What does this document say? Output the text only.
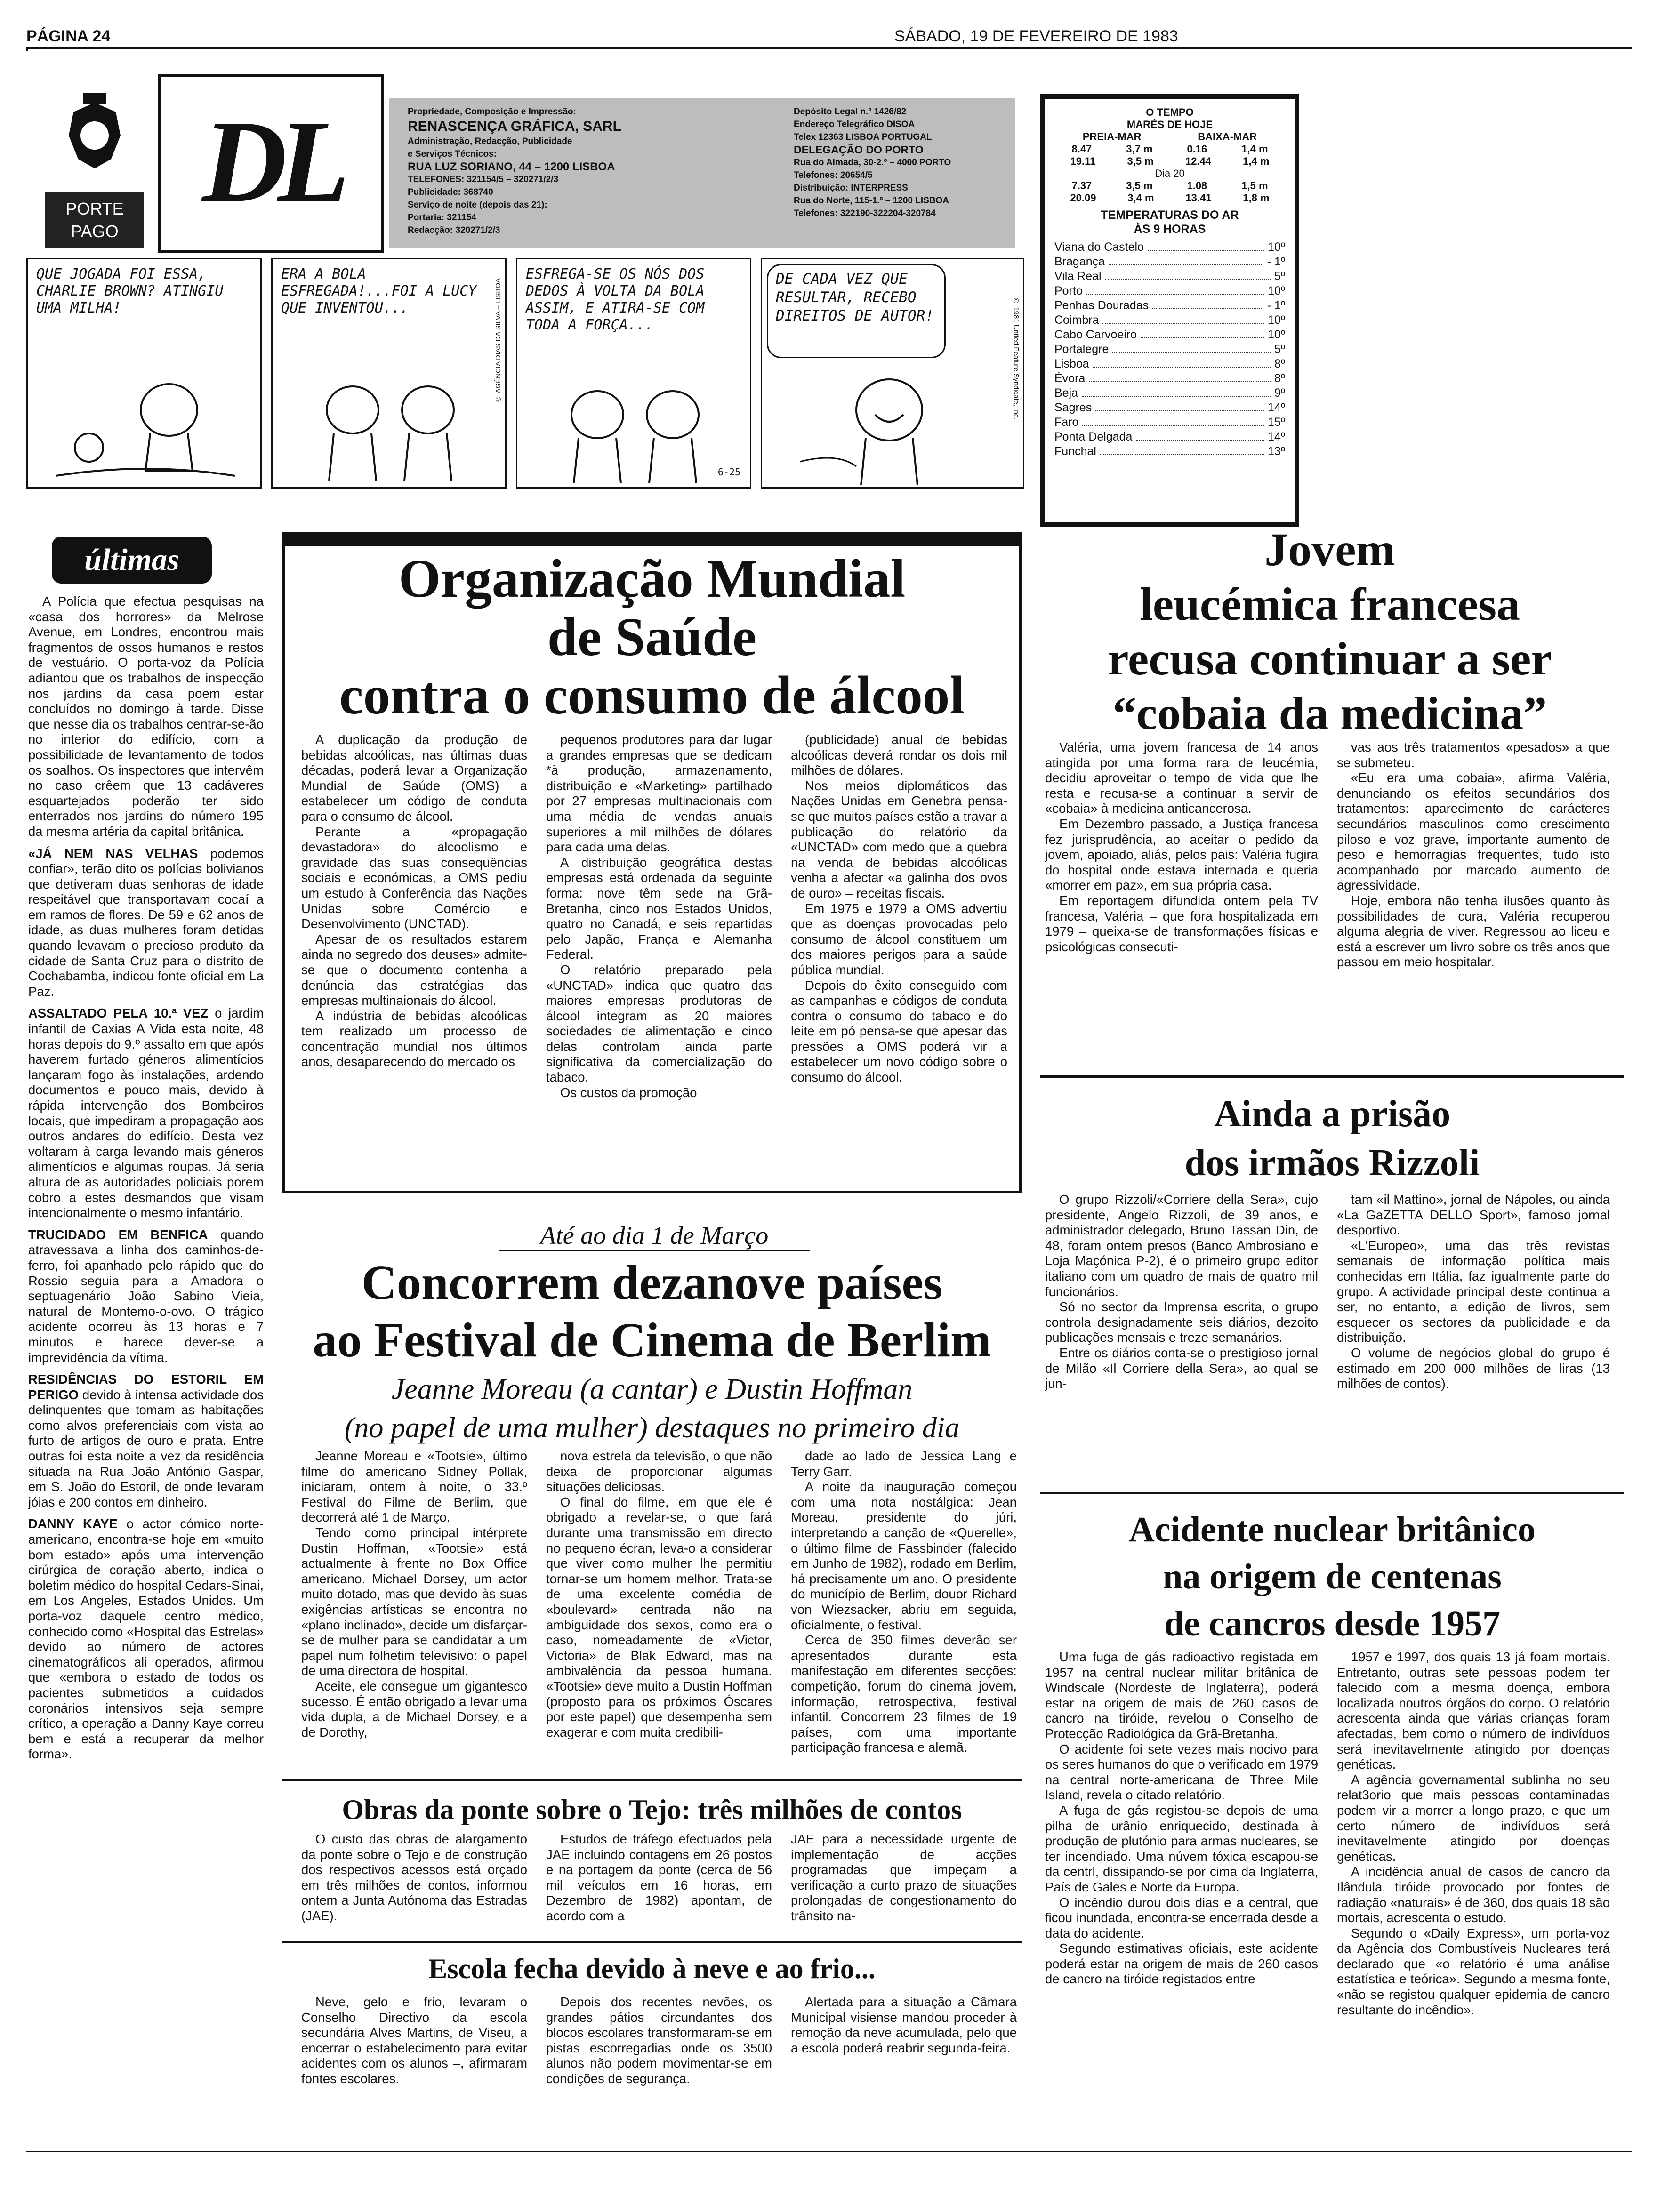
PÁGINA 24	SÁBADO, 19 DE FEVEREIRO DE 1983
PORTE
PAGO
DL	Propriedade, Composição e Impressão:
RENASCENÇA GRÁFICA, SARL
Administração, Redacção, Publicidade
e Serviços Técnicos:
RUA LUZ SORIANO, 44 – 1200 LISBOA
TELEFONES: 321154/5 – 320271/2/3
Publicidade: 368740
Serviço de noite (depois das 21):
Portaria: 321154
Redacção: 320271/2/3
Depósito Legal n.º 1426/82
Endereço Telegráfico DISOA
Telex 12363 LISBOA PORTUGAL
DELEGAÇÃO DO PORTO
Rua do Almada, 30-2.º – 4000 PORTO
Telefones: 20654/5
Distribuição: INTERPRESS
Rua do Norte, 115-1.º – 1200 LISBOA
Telefones: 322190-322204-320784
O TEMPO
MARÉS DE HOJE
PREIA-MAR	BAIXA-MAR
8.47	3,7 m	0.16	1,4 m
19.11	3,5 m	12.44	1,4 m
Dia 20
7.37	3,5 m	1.08	1,5 m
20.09	3,4 m	13.41	1,8 m
TEMPERATURAS DO AR
ÀS 9 HORAS
Viana do Castelo	10º
Bragança	- 1º
Vila Real	5º
Porto	10º
Penhas Douradas	- 1º
Coimbra	10º
Cabo Carvoeiro	10º
Portalegre	5º
Lisboa	8º
Évora	8º
Beja	9º
Sagres	14º
Faro	15º
Ponta Delgada	14º
Funchal	13º
QUE JOGADA FOI ESSA, CHARLIE BROWN? ATINGIU UMA MILHA!
ERA A BOLA ESFREGADA!...FOI A LUCY QUE INVENTOU...	© AGÊNCIA DIAS DA SILVA – LISBOA
ESFREGA-SE OS NÓS DOS DEDOS À VOLTA DA BOLA ASSIM, E ATIRA-SE COM TODA A FORÇA...
6-25
DE CADA VEZ QUE RESULTAR, RECEBO DIREITOS DE AUTOR!	© 1981 United Feature Syndicate, Inc.
últimas

A Polícia que efectua pesquisas na «casa dos horrores» da Melrose Avenue, em Londres, encontrou mais fragmentos de ossos humanos e restos de vestuário. O porta-voz da Polícia adiantou que os trabalhos de inspecção nos jardins da casa poem estar concluídos no domingo à tarde. Disse que nesse dia os trabalhos centrar-se-ão no interior do edifício, com a possibilidade de levantamento de todos os soalhos. Os inspectores que intervêm no caso crêem que 13 cadáveres esquartejados poderão ter sido enterrados nos jardins do número 195 da mesma artéria da capital britânica.

«JÁ NEM NAS VELHAS podemos confiar», terão dito os polícias bolivianos que detiveram duas senhoras de idade respeitável que transportavam cocaí a em ramos de flores. De 59 e 62 anos de idade, as duas mulheres foram detidas quando levavam o precioso produto da cidade de Santa Cruz para o distrito de Cochabamba, indicou fonte oficial em La Paz.

ASSALTADO PELA 10.ª VEZ o jardim infantil de Caxias A Vida esta noite, 48 horas depois do 9.º assalto em que após haverem furtado géneros alimentícios lançaram fogo às instalações, ardendo documentos e pouco mais, devido à rápida intervenção dos Bombeiros locais, que impediram a propagação aos outros andares do edifício. Desta vez voltaram à carga levando mais géneros alimentícios e algumas roupas. Já seria altura de as autoridades policiais porem cobro a estes desmandos que visam intencionalmente o mesmo infantário.

TRUCIDADO EM BENFICA quando atravessava a linha dos caminhos-de-ferro, foi apanhado pelo rápido que do Rossio seguia para a Amadora o septuagenário João Sabino Vieia, natural de Montemo-o-ovo. O trágico acidente ocorreu às 13 horas e 7 minutos e harece dever-se a imprevidência da vítima.

RESIDÊNCIAS DO ESTORIL EM PERIGO devido à intensa actividade dos delinquentes que tomam as habitações como alvos preferenciais com vista ao furto de artigos de ouro e prata. Entre outras foi esta noite a vez da residência situada na Rua João António Gaspar, em S. João do Estoril, de onde levaram jóias e 200 contos em dinheiro.

DANNY KAYE o actor cómico norte-americano, encontra-se hoje em «muito bom estado» após uma intervenção cirúrgica de coração aberto, indica o boletim médico do hospital Cedars-Sinai, em Los Angeles, Estados Unidos. Um porta-voz daquele centro médico, conhecido como «Hospital das Estrelas» devido ao número de actores cinematográficos ali operados, afirmou que «embora o estado de todos os pacientes submetidos a cuidados coronários intensivos seja sempre crítico, a operação a Danny Kaye correu bem e está a recuperar da melhor forma».

Organização Mundial
de Saúde
contra o consumo de álcool

A duplicação da produção de bebidas alcoólicas, nas últimas duas décadas, poderá levar a Organização Mundial de Saúde (OMS) a estabelecer um código de conduta para o consumo de álcool.

Perante a «propagação devastadora» do alcoolismo e gravidade das suas consequências sociais e económicas, a OMS pediu um estudo à Conferência das Nações Unidas sobre Comércio e Desenvolvimento (UNCTAD).

Apesar de os resultados estarem ainda no segredo dos deuses» admite-se que o documento contenha a denúncia das estratégias das empresas multinaionais do álcool.

A indústria de bebidas alcoólicas tem realizado um processo de concentração mundial nos últimos anos, desaparecendo do mercado os

pequenos produtores para dar lugar a grandes empresas que se dedicam *à produção, armazenamento, distribuição e «Marketing» partilhado por 27 empresas multinacionais com uma média de vendas anuais superiores a mil milhões de dólares para cada uma delas.

A distribuição geográfica destas empresas está ordenada da seguinte forma: nove têm sede na Grã-Bretanha, cinco nos Estados Unidos, quatro no Canadá, e seis repartidas pelo Japão, França e Alemanha Federal.

O relatório preparado pela «UNCTAD» indica que quatro das maiores empresas produtoras de álcool integram as 20 maiores sociedades de alimentação e cinco delas controlam ainda parte significativa da comercialização do tabaco.

Os custos da promoção

(publicidade) anual de bebidas alcoólicas deverá rondar os dois mil milhões de dólares.

Nos meios diplomáticos das Nações Unidas em Genebra pensa-se que muitos países estão a travar a publicação do relatório da «UNCTAD» com medo que a quebra na venda de bebidas alcoólicas venha a afectar «a galinha dos ovos de ouro» – receitas fiscais.

Em 1975 e 1979 a OMS advertiu que as doenças provocadas pelo consumo de álcool constituem um dos maiores perigos para a saúde pública mundial.

Depois do êxito conseguido com as campanhas e códigos de conduta contra o consumo do tabaco e do leite em pó pensa-se que apesar das pressões a OMS poderá vir a estabelecer um novo código sobre o consumo do álcool.

Jovem
leucémica francesa
recusa continuar a ser
“cobaia da medicina”

Valéria, uma jovem francesa de 14 anos atingida por uma forma rara de leucémia, decidiu aproveitar o tempo de vida que lhe resta e recusa-se a continuar a servir de «cobaia» à medicina anticancerosa.

Em Dezembro passado, a Justiça francesa fez jurisprudência, ao aceitar o pedido da jovem, apoiado, aliás, pelos pais: Valéria fugira do hospital onde estava internada e queria «morrer em paz», em sua própria casa.

Em reportagem difundida ontem pela TV francesa, Valéria – que fora hospitalizada em 1979 – queixa-se de transformações físicas e psicológicas consecuti-

vas aos três tratamentos «pesados» a que se submeteu.

«Eu era uma cobaia», afirma Valéria, denunciando os efeitos secundários dos tratamentos: aparecimento de carácteres secundários masculinos como crescimento piloso e voz grave, importante aumento de peso e hemorragias frequentes, tudo isto acompanhado por marcado aumento de agressividade.

Hoje, embora não tenha ilusões quanto às possibilidades de cura, Valéria recuperou alguma alegria de viver. Regressou ao liceu e está a escrever um livro sobre os três anos que passou em meio hospitalar.

Ainda a prisão
dos irmãos Rizzoli

O grupo Rizzoli/«Corriere della Sera», cujo presidente, Angelo Rizzoli, de 39 anos, e administrador delegado, Bruno Tassan Din, de 48, foram ontem presos (Banco Ambrosiano e Loja Maçónica P-2), é o primeiro grupo editor italiano com um quadro de mais de quatro mil funcionários.

Só no sector da Imprensa escrita, o grupo controla designadamente seis diários, dezoito publicações mensais e treze semanários.

Entre os diários conta-se o prestigioso jornal de Milão «Il Corriere della Sera», ao qual se jun-

tam «il Mattino», jornal de Nápoles, ou ainda «La GaZETTA DELLO Sport», famoso jornal desportivo.

«L'Europeo», uma das três revistas semanais de informação política mais conhecidas em Itália, faz igualmente parte do grupo. A actividade principal deste continua a ser, no entanto, a edição de livros, sem esquecer os sectores da publicidade e da distribuição.

O volume de negócios global do grupo é estimado em 200 000 milhões de liras (13 milhões de contos).

Até ao dia 1 de Março
Concorrem dezanove países
ao Festival de Cinema de Berlim
Jeanne Moreau (a cantar) e Dustin Hoffman
(no papel de uma mulher) destaques no primeiro dia

Jeanne Moreau e «Tootsie», último filme do americano Sidney Pollak, iniciaram, ontem à noite, o 33.º Festival do Filme de Berlim, que decorrerá até 1 de Março.

Tendo como principal intérprete Dustin Hoffman, «Tootsie» está actualmente à frente no Box Office americano. Michael Dorsey, um actor muito dotado, mas que devido às suas exigências artísticas se encontra no «plano inclinado», decide um disfarçar-se de mulher para se candidatar a um papel num folhetim televisivo: o papel de uma directora de hospital.

Aceite, ele consegue um gigantesco sucesso. É então obrigado a levar uma vida dupla, a de Michael Dorsey, e a de Dorothy,

nova estrela da televisão, o que não deixa de proporcionar algumas situações deliciosas.

O final do filme, em que ele é obrigado a revelar-se, o que fará durante uma transmissão em directo no pequeno écran, leva-o a considerar que viver como mulher lhe permitiu tornar-se um homem melhor. Trata-se de uma excelente comédia de «boulevard» centrada não na ambiguidade dos sexos, como era o caso, nomeadamente de «Victor, Victoria» de Blak Edward, mas na ambivalência da pessoa humana. «Tootsie» deve muito a Dustin Hoffman (proposto para os próximos Óscares por este papel) que desempenha sem exagerar e com muita credibili-

dade ao lado de Jessica Lang e Terry Garr.

A noite da inauguração começou com uma nota nostálgica: Jean Moreau, presidente do júri, interpretando a canção de «Querelle», o último filme de Fassbinder (falecido em Junho de 1982), rodado em Berlim, há precisamente um ano. O presidente do município de Berlim, douor Richard von Wiezsacker, abriu em seguida, oficialmente, o festival.

Cerca de 350 filmes deverão ser apresentados durante esta manifestação em diferentes secções: competição, forum do cinema jovem, informação, retrospectiva, festival infantil. Concorrem 23 filmes de 19 países, com uma importante participação francesa e alemã.

Acidente nuclear britânico
na origem de centenas
de cancros desde 1957

Uma fuga de gás radioactivo registada em 1957 na central nuclear militar britânica de Windscale (Nordeste de Inglaterra), poderá estar na origem de mais de 260 casos de cancro na tiróide, revelou o Conselho de Protecção Radiológica da Grã-Bretanha.

O acidente foi sete vezes mais nocivo para os seres humanos do que o verificado em 1979 na central norte-americana de Three Mile Island, revela o citado relatório.

A fuga de gás registou-se depois de uma pilha de urânio enriquecido, destinada à produção de plutónio para armas nucleares, se ter incendiado. Uma núvem tóxica escapou-se da centrl, dissipando-se por cima da Inglaterra, País de Gales e Norte da Europa.

O incêndio durou dois dias e a central, que ficou inundada, encontra-se encerrada desde a data do acidente.

Segundo estimativas oficiais, este acidente poderá estar na origem de mais de 260 casos de cancro na tiróide registados entre

1957 e 1997, dos quais 13 já foam mortais. Entretanto, outras sete pessoas podem ter falecido com a mesma doença, embora localizada noutros órgãos do corpo. O relatório acrescenta ainda que várias crianças foram afectadas, bem como o número de indivíduos será inevitavelmente atingido por doenças genéticas.

A agência governamental sublinha no seu relat3orio que mais pessoas contaminadas podem vir a morrer a longo prazo, e que um certo número de indivíduos será inevitavelmente atingido por doenças genéticas.

A incidência anual de casos de cancro da Ilândula tiróide provocado por fontes de radiação «naturais» é de 360, dos quais 18 são mortais, acrescenta o estudo.

Segundo o «Daily Express», um porta-voz da Agência dos Combustíveis Nucleares terá declarado que «o relatório é uma análise estatística e teórica». Segundo a mesma fonte, «não se registou qualquer epidemia de cancro resultante do incêndio».

Obras da ponte sobre o Tejo: três milhões de contos
O custo das obras de alargamento da ponte sobre o Tejo e de construção dos respectivos acessos está orçado em três milhões de contos, informou ontem a Junta Autónoma das Estradas (JAE).
Estudos de tráfego efectuados pela JAE incluindo contagens em 26 postos e na portagem da ponte (cerca de 56 mil veículos em 16 horas, em Dezembro de 1982) apontam, de acordo com a
JAE para a necessidade urgente de implementação de acções programadas que impeçam a verificação a curto prazo de situações prolongadas de congestionamento do trânsito na-
Escola fecha devido à neve e ao frio...
Neve, gelo e frio, levaram o Conselho Directivo da escola secundária Alves Martins, de Viseu, a encerrar o estabelecimento para evitar acidentes com os alunos –, afirmaram fontes escolares.
Depois dos recentes nevões, os grandes pátios circundantes dos blocos escolares transformaram-se em pistas escorregadias onde os 3500 alunos não podem movimentar-se em condições de segurança.
Alertada para a situação a Câmara Municipal visiense mandou proceder à remoção da neve acumulada, pelo que a escola poderá reabrir segunda-feira.
